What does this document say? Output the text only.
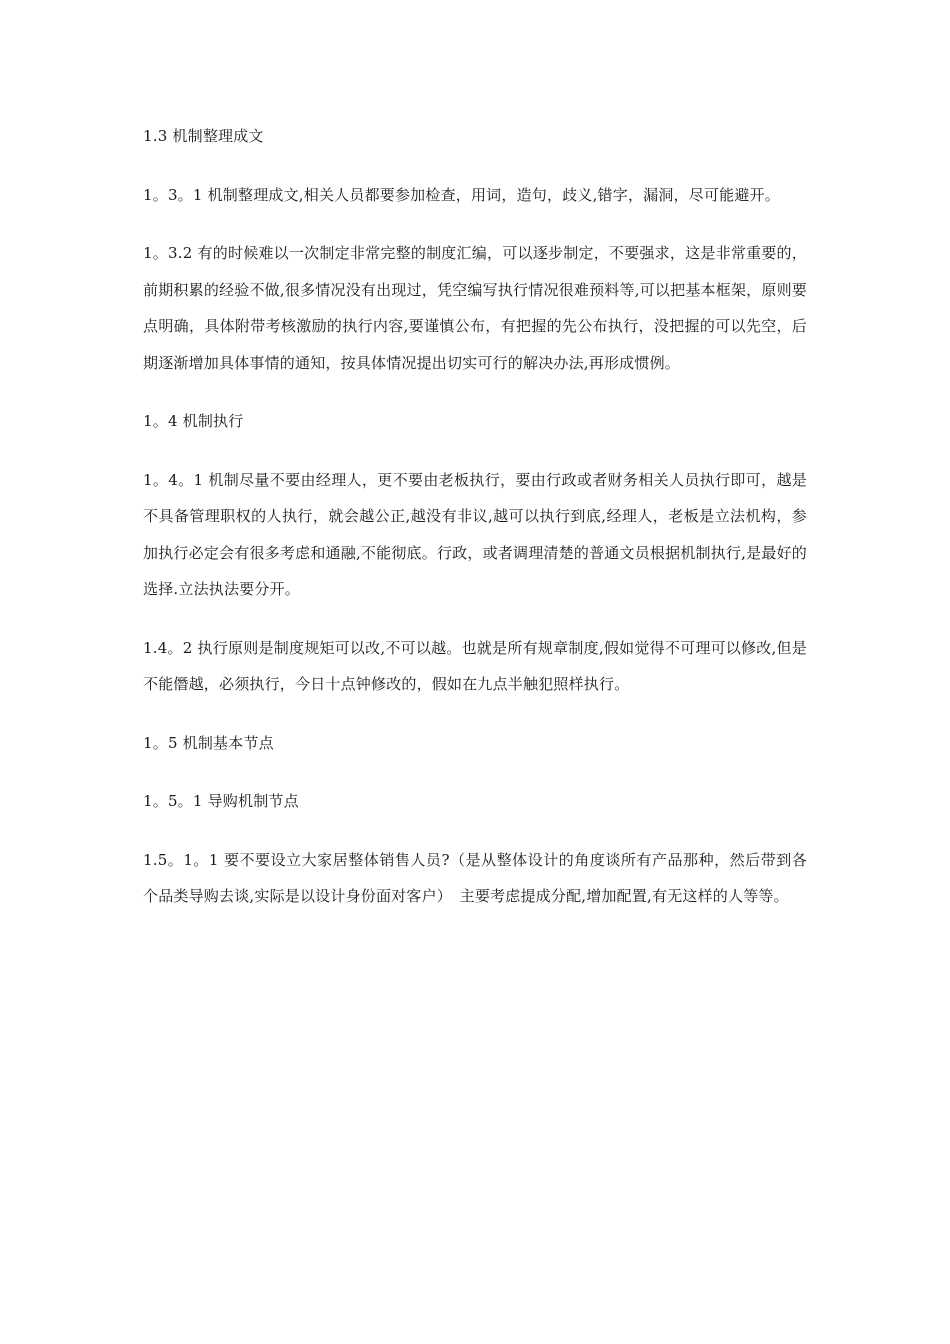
1.3 机制整理成文

1。3。1 机制整理成文,相关人员都要参加检查，用词，造句，歧义,错字，漏洞，尽可能避开。

1。3.2 有的时候难以一次制定非常完整的制度汇编，可以逐步制定，不要强求，这是非常重要的，前期积累的经验不做,很多情况没有出现过，凭空编写执行情况很难预料等,可以把基本框架，原则要点明确，具体附带考核激励的执行内容,要谨慎公布，有把握的先公布执行，没把握的可以先空，后期逐渐增加具体事情的通知，按具体情况提出切实可行的解决办法,再形成惯例。

1。4 机制执行

1。4。1 机制尽量不要由经理人，更不要由老板执行，要由行政或者财务相关人员执行即可，越是不具备管理职权的人执行，就会越公正,越没有非议,越可以执行到底,经理人，老板是立法机构，参加执行必定会有很多考虑和通融,不能彻底。行政，或者调理清楚的普通文员根据机制执行,是最好的选择.立法执法要分开。

1.4。2 执行原则是制度规矩可以改,不可以越。也就是所有规章制度,假如觉得不可理可以修改,但是不能僭越，必须执行，今日十点钟修改的，假如在九点半触犯照样执行。

1。5 机制基本节点

1。5。1 导购机制节点

1.5。1。1 要不要设立大家居整体销售人员?（是从整体设计的角度谈所有产品那种，然后带到各个品类导购去谈,实际是以设计身份面对客户）　主要考虑提成分配,增加配置,有无这样的人等等。
